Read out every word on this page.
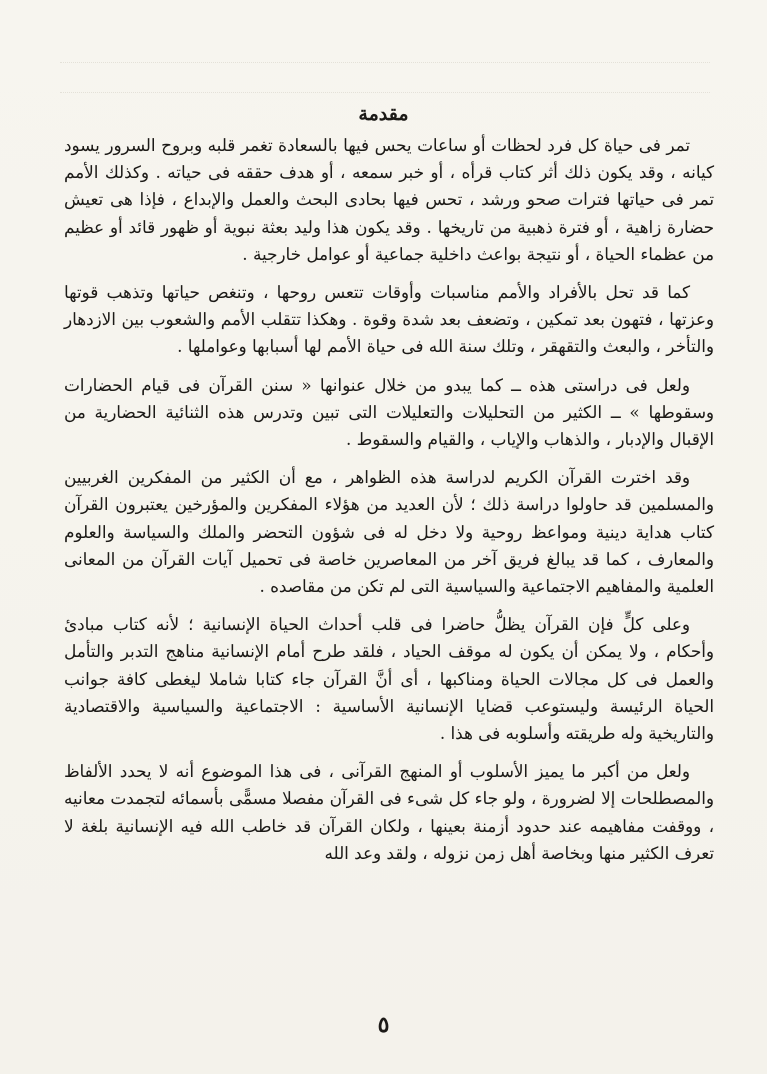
مقدمة

تمر فى حياة كل فرد لحظات أو ساعات يحس فيها بالسعادة تغمر قلبه وبروح السرور يسود كيانه ، وقد يكون ذلك أثر كتاب قرأه ، أو خبر سمعه ، أو هدف حققه فى حياته . وكذلك الأمم تمر فى حياتها فترات صحو ورشد ، تحس فيها بحادى البحث والعمل والإبداع ، فإذا هى تعيش حضارة زاهية ، أو فترة ذهبية من تاريخها . وقد يكون هذا وليد بعثة نبوية أو ظهور قائد أو عظيم من عظماء الحياة ، أو نتيجة بواعث داخلية جماعية أو عوامل خارجية .

كما قد تحل بالأفراد والأمم مناسبات وأوقات تتعس روحها ، وتنغص حياتها وتذهب قوتها وعزتها ، فتهون بعد تمكين ، وتضعف بعد شدة وقوة . وهكذا تتقلب الأمم والشعوب بين الازدهار والتأخر ، والبعث والتقهقر ، وتلك سنة الله فى حياة الأمم لها أسبابها وعواملها .

ولعل فى دراستى هذه ــ كما يبدو من خلال عنوانها « سنن القرآن فى قيام الحضارات وسقوطها » ــ الكثير من التحليلات والتعليلات التى تبين وتدرس هذه الثنائية الحضارية من الإقبال والإدبار ، والذهاب والإياب ، والقيام والسقوط .

وقد اخترت القرآن الكريم لدراسة هذه الظواهر ، مع أن الكثير من المفكرين الغربيين والمسلمين قد حاولوا دراسة ذلك ؛ لأن العديد من هؤلاء المفكرين والمؤرخين يعتبرون القرآن كتاب هداية دينية ومواعظ روحية ولا دخل له فى شؤون التحضر والملك والسياسة والعلوم والمعارف ، كما قد يبالغ فريق آخر من المعاصرين خاصة فى تحميل آيات القرآن من المعانى العلمية والمفاهيم الاجتماعية والسياسية التى لم تكن من مقاصده .

وعلى كلٍّ فإن القرآن يظلُّ حاضرا فى قلب أحداث الحياة الإنسانية ؛ لأنه كتاب مبادئ وأحكام ، ولا يمكن أن يكون له موقف الحياد ، فلقد طرح أمام الإنسانية مناهج التدبر والتأمل والعمل فى كل مجالات الحياة ومناكبها ، أى أنَّ القرآن جاء كتابا شاملا ليغطى كافة جوانب الحياة الرئيسة وليستوعب قضايا الإنسانية الأساسية : الاجتماعية والسياسية والاقتصادية والتاريخية وله طريقته وأسلوبه فى هذا .

ولعل من أكبر ما يميز الأسلوب أو المنهج القرآنى ، فى هذا الموضوع أنه لا يحدد الألفاظ والمصطلحات إلا لضرورة ، ولو جاء كل شىء فى القرآن مفصلا مسمًّى بأسمائه لتجمدت معانيه ، ووقفت مفاهيمه عند حدود أزمنة بعينها ، ولكان القرآن قد خاطب الله فيه الإنسانية بلغة لا تعرف الكثير منها وبخاصة أهل زمن نزوله ، ولقد وعد الله

٥
